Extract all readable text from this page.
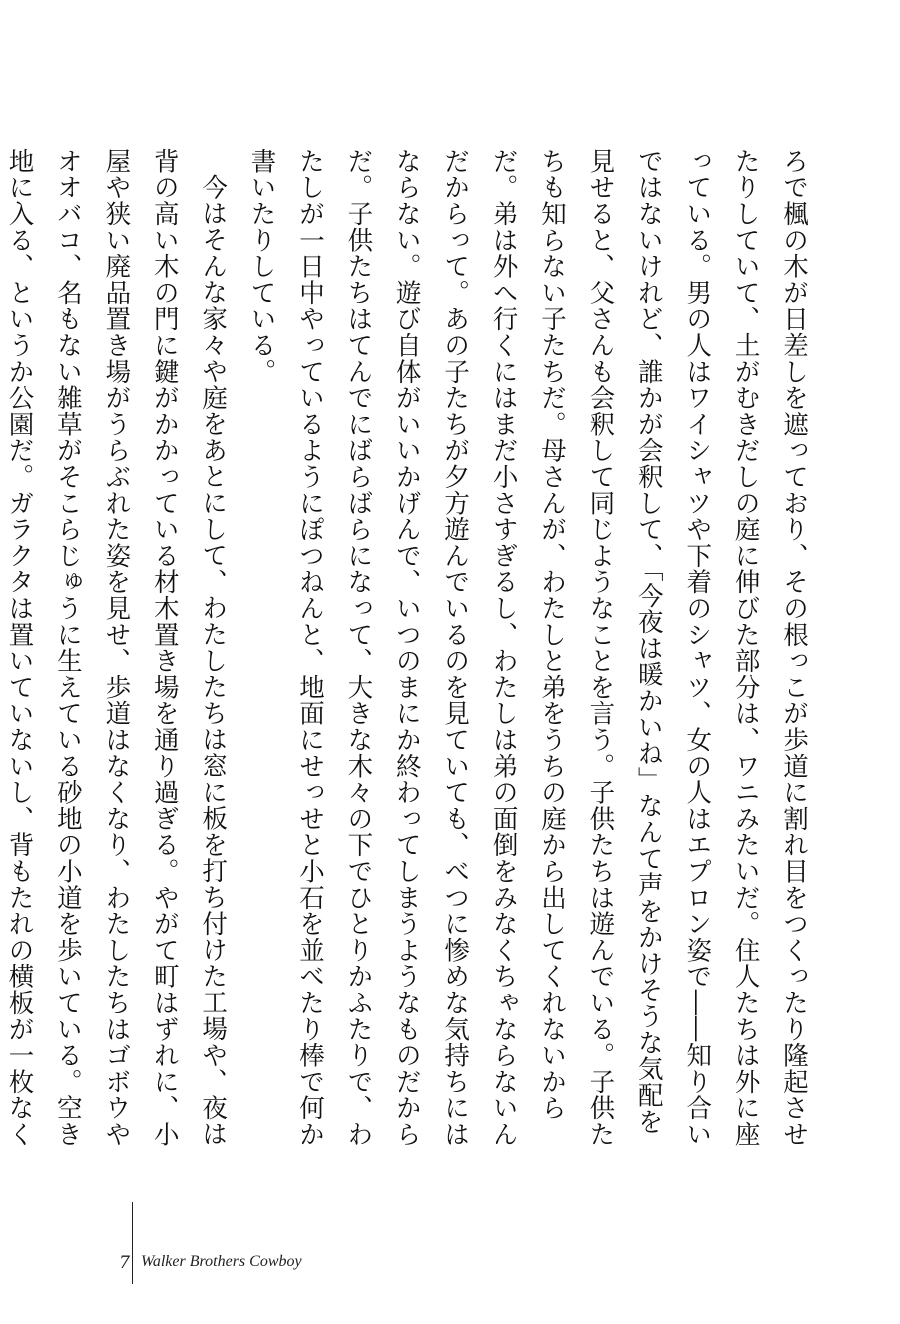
ろで楓の木が日差しを遮っており、その根っこが歩道に割れ目をつくったり隆起させたりしていて、土がむきだしの庭に伸びた部分は、ワニみたいだ。住人たちは外に座っている。男の人はワイシャツや下着のシャツ、女の人はエプロン姿で――知り合いではないけれど、誰かが会釈して、「今夜は暖かいね」なんて声をかけそうな気配を見せると、父さんも会釈して同じようなことを言う。子供たちは遊んでいる。子供たちも知らない子たちだ。母さんが、わたしと弟をうちの庭から出してくれないからだ。弟は外へ行くにはまだ小さすぎるし、わたしは弟の面倒をみなくちゃならないんだからって。あの子たちが夕方遊んでいるのを見ていても、べつに惨めな気持ちにはならない。遊び自体がいいかげんで、いつのまにか終わってしまうようなものだからだ。子供たちはてんでにばらばらになって、大きな木々の下でひとりかふたりで、わたしが一日中やっているようにぽつねんと、地面にせっせと小石を並べたり棒で何か書いたりしている。

今はそんな家々や庭をあとにして、わたしたちは窓に板を打ち付けた工場や、夜は背の高い木の門に鍵がかかっている材木置き場を通り過ぎる。やがて町はずれに、小屋や狭い廃品置き場がうらぶれた姿を見せ、歩道はなくなり、わたしたちはゴボウやオオバコ、名もない雑草がそこらじゅうに生えている砂地の小道を歩いている。空き地に入る、というか公園だ。ガラクタは置いていないし、背もたれの横板が一枚なく

7 Walker Brothers Cowboy
